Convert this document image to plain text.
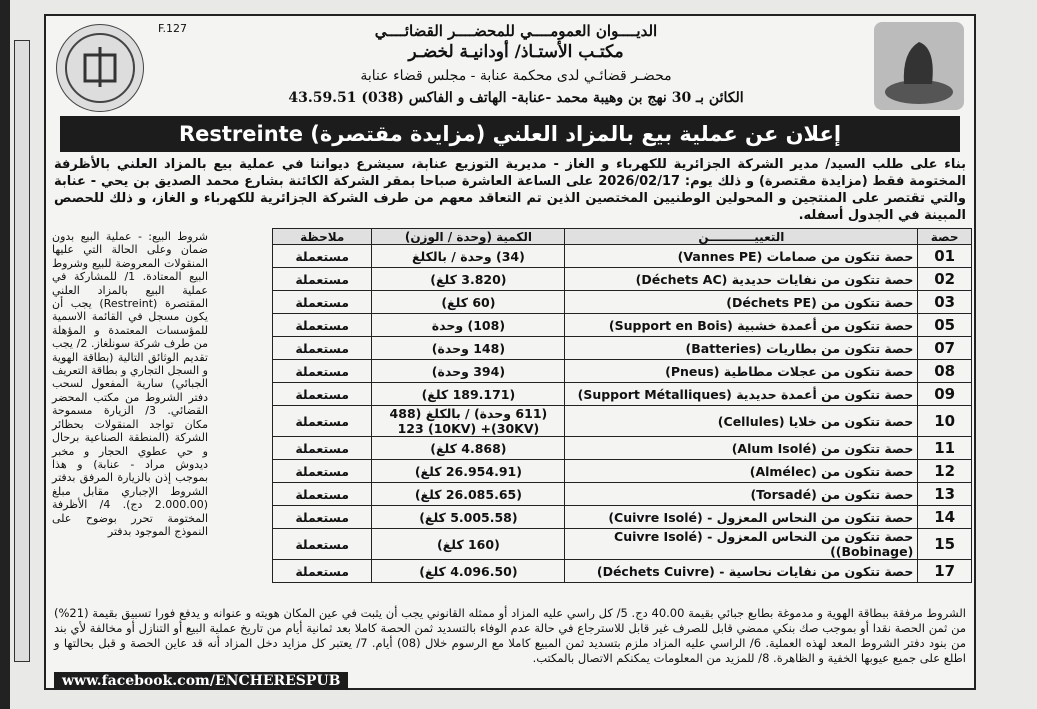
F.127	الديــــوان العمومــــي للمحضــــر القضائــــي
مكتـب الأستـاذ/ أودانيـة لخضـر
محضـر قضائـي لدى محكمة عنابة - مجلس قضاء عنابة
الكائن بـ 30 نهج بن وهيبة محمد -عنابة- الهاتف و الفاكس (038) 43.59.51
إعلان عن عملية بيع بالمزاد العلني (مزايدة مقتصرة) Restreinte
بناء على طلب السيد/ مدير الشركة الجزائرية للكهرباء و الغاز - مديرية التوزيع عنابة، سيشرع ديواننا في عملية بيع بالمزاد العلني بالأظرفة المختومة فقط (مزايدة مقتصرة) و ذلك يوم: 2026/02/17 على الساعة العاشرة صباحا بمقر الشركة الكائنة بشارع محمد الصديق بن يحي - عنابة والتي تقتصر على المنتجين و المحولين الوطنيين المختصين الذين تم التعاقد معهم من طرف الشركة الجزائرية للكهرباء و الغاز، و ذلك للحصص المبينة في الجدول أسفله.
حصة	التعييـــــــــــن	الكمية (وحدة / الوزن)	ملاحظة
01	حصة تتكون من صمامات (Vannes PE)	(34) وحدة / بالكلغ	مستعملة
02	حصة تتكون من نفايات حديدية (Déchets AC)	(3.820 كلغ)	مستعملة
03	حصة تتكون من (Déchets PE)	(60 كلغ)	مستعملة
05	حصة تتكون من أعمدة خشبية (Support en Bois)	(108) وحدة	مستعملة
07	حصة تتكون من بطاريات (Batteries)	(148 وحدة)	مستعملة
08	حصة تتكون من عجلات مطاطية (Pneus)	(394 وحدة)	مستعملة
09	حصة تتكون من أعمدة حديدية (Support Métalliques)	(189.171 كلغ)	مستعملة
10	حصة تتكون من خلايا (Cellules)	(611 وحدة) / بالكلغ (488 (30KV)+ 123 (10KV)	مستعملة
11	حصة تتكون من (Alum Isolé)	(4.868 كلغ)	مستعملة
12	حصة تتكون من (Almélec)	(26.954.91 كلغ)	مستعملة
13	حصة تتكون من (Torsadé)	(26.085.65 كلغ)	مستعملة
14	حصة تتكون من النحاس المعزول - (Cuivre Isolé)	(5.005.58 كلغ)	مستعملة
15	حصة تتكون من النحاس المعزول - (Cuivre Isolé (Bobinage))	(160 كلغ)	مستعملة
17	حصة تتكون من نفايات نحاسية - (Déchets Cuivre)	(4.096.50 كلغ)	مستعملة
شروط البيع: - عملية البيع بدون ضمان وعلى الحالة التي عليها المنقولات المعروضة للبيع وشروط البيع المعتادة. 1/ للمشاركة في عملية البيع بالمزاد العلني المقتصرة (Restreint) يجب أن يكون مسجل في القائمة الاسمية للمؤسسات المعتمدة و المؤهلة من طرف شركة سونلغاز. 2/ يجب تقديم الوثائق التالية (بطاقة الهوية و السجل التجاري و بطاقة التعريف الجبائي) سارية المفعول لسحب دفتر الشروط من مكتب المحضر القضائي. 3/ الزيارة مسموحة مكان تواجد المنقولات بحظائر الشركة (المنطقة الصناعية برحال و حي عطوي الحجار و مخبر ديدوش مراد - عنابة) و هذا بموجب إذن بالزيارة المرفق بدفتر الشروط الإجباري مقابل مبلغ (2.000.00 دج). 4/ الأظرفة المختومة تحرر بوضوح على النموذج الموجود بدفتر
الشروط مرفقة ببطاقة الهوية و مدموغة بطابع جبائي بقيمة 40.00 دج. 5/ كل راسي عليه المزاد أو ممثله القانوني يجب أن يثبت في عين المكان هويته و عنوانه و يدفع فورا تسبيق بقيمة (21%) من ثمن الحصة نقدا أو بموجب صك بنكي ممضي قابل للصرف غير قابل للاسترجاع في حالة عدم الوفاء بالتسديد ثمن الحصة كاملا بعد ثمانية أيام من تاريخ عملية البيع أو التنازل أو مخالفة لأي بند من بنود دفتر الشروط المعد لهذه العملية. 6/ الراسي عليه المزاد ملزم بتسديد ثمن المبيع كاملا مع الرسوم خلال (08) أيام. 7/ يعتبر كل مزايد دخل المزاد أنه قد عاين الحصة و قبل بحالتها و اطلع على جميع عيوبها الخفية و الظاهرة. 8/ للمزيد من المعلومات يمكنكم الاتصال بالمكتب.
www.facebook.com/ENCHERESPUB
